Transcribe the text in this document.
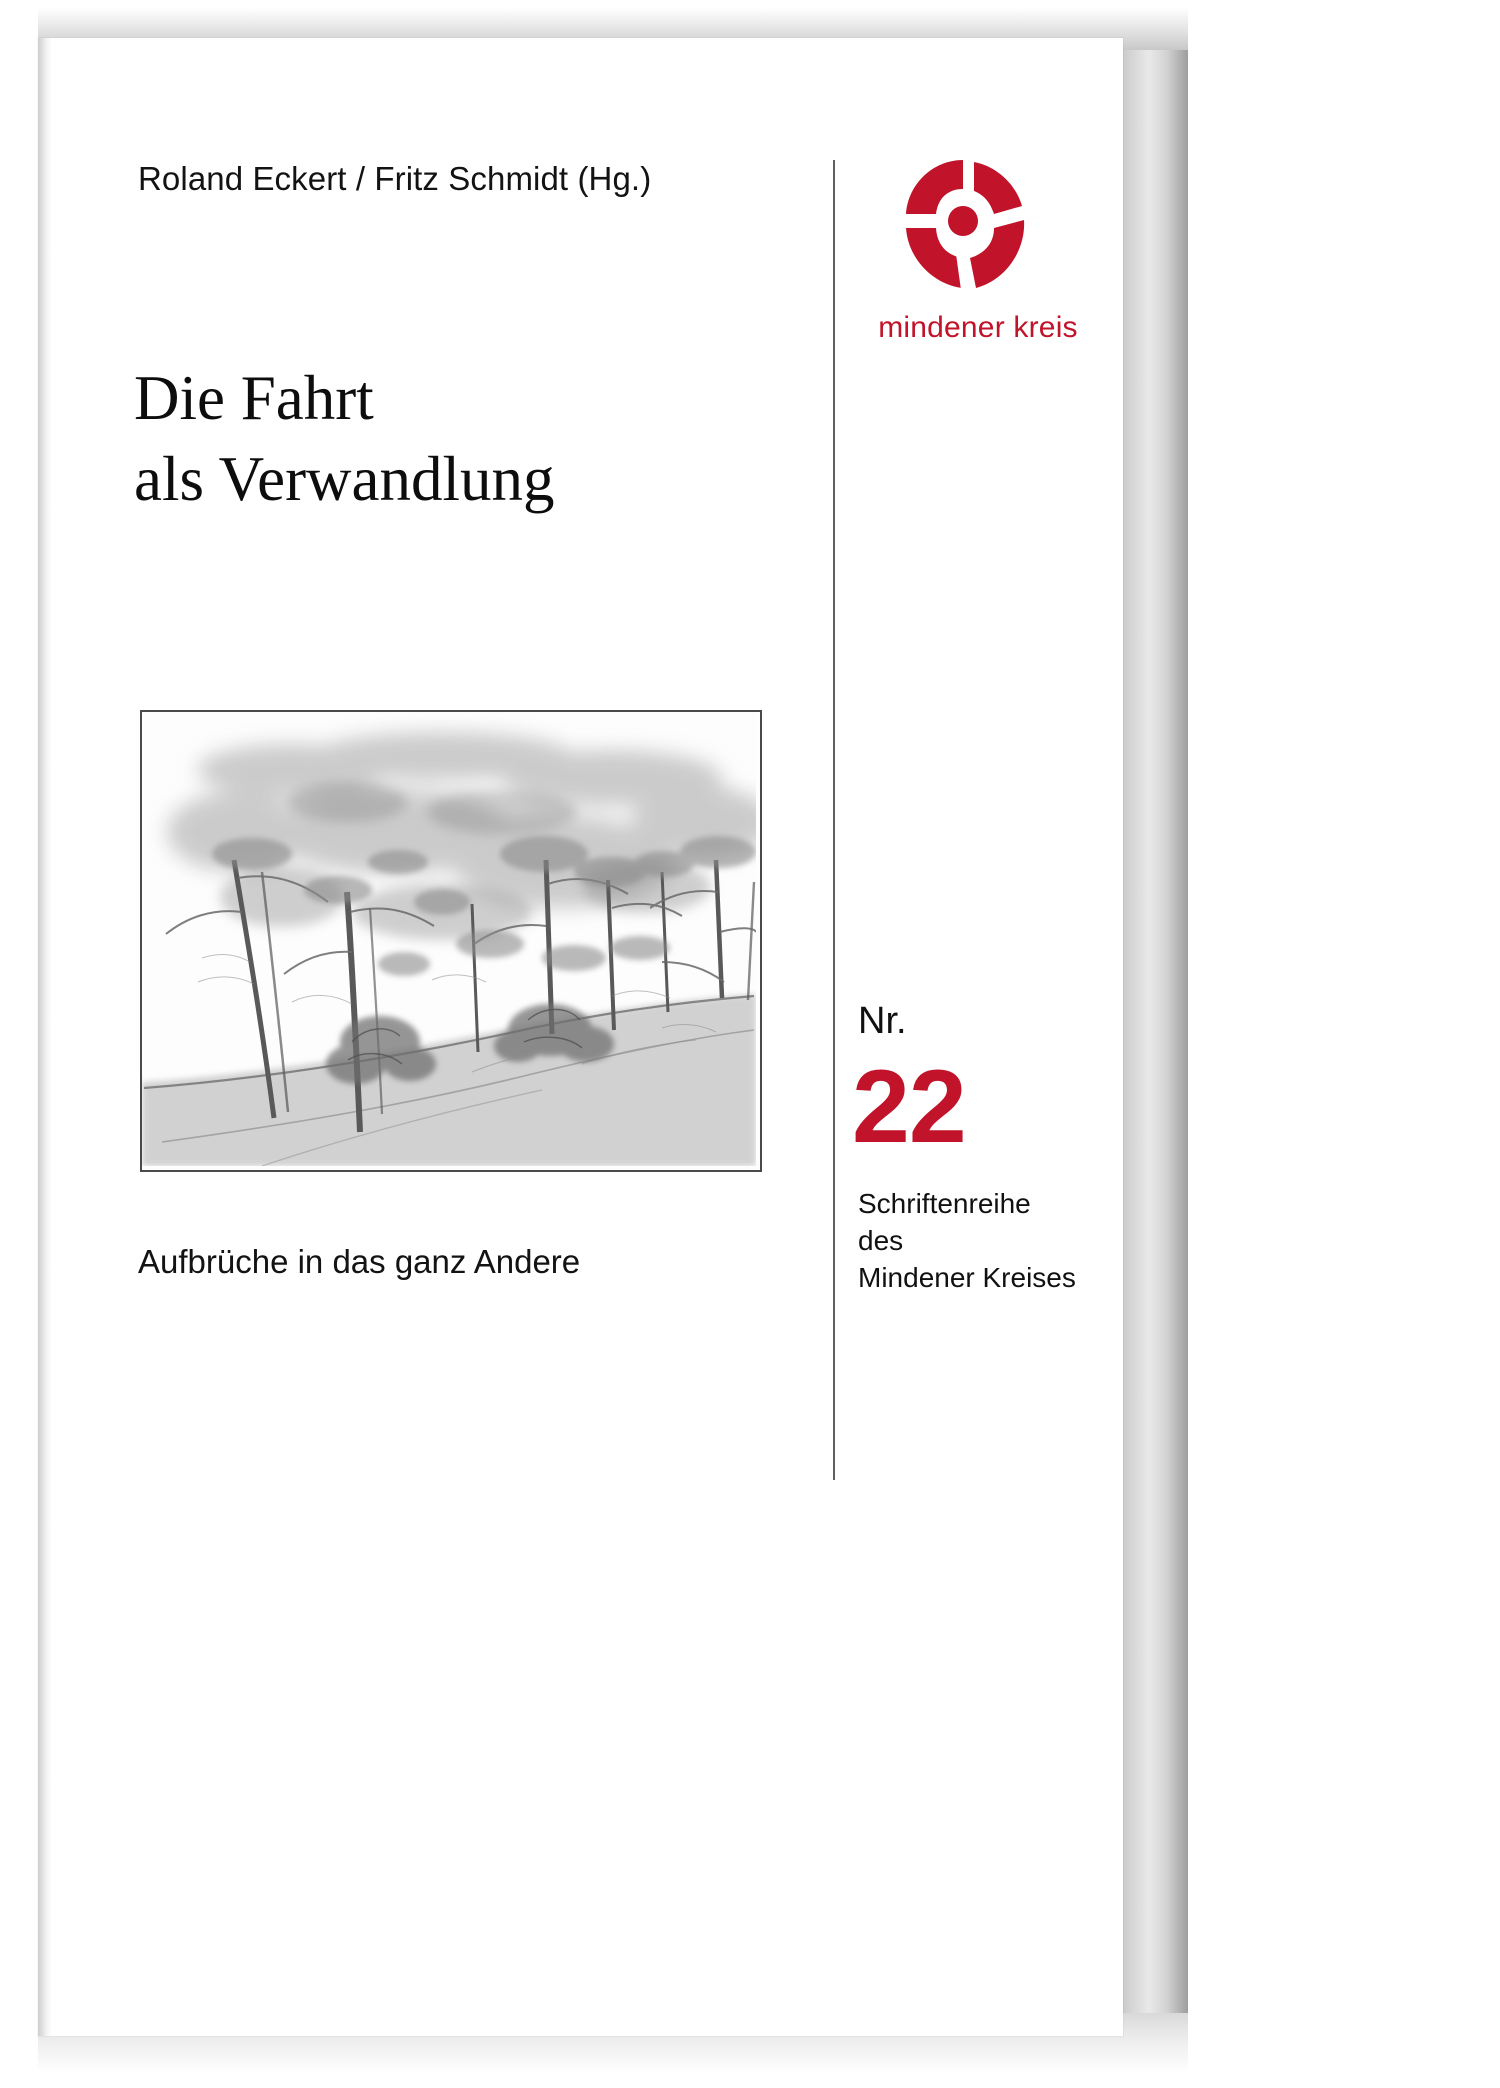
Roland Eckert / Fritz Schmidt (Hg.)
Die Fahrt
als Verwandlung
Aufbrüche in das ganz Andere
mindener kreis
Nr.
22
Schriftenreihe
des
Mindener Kreises
